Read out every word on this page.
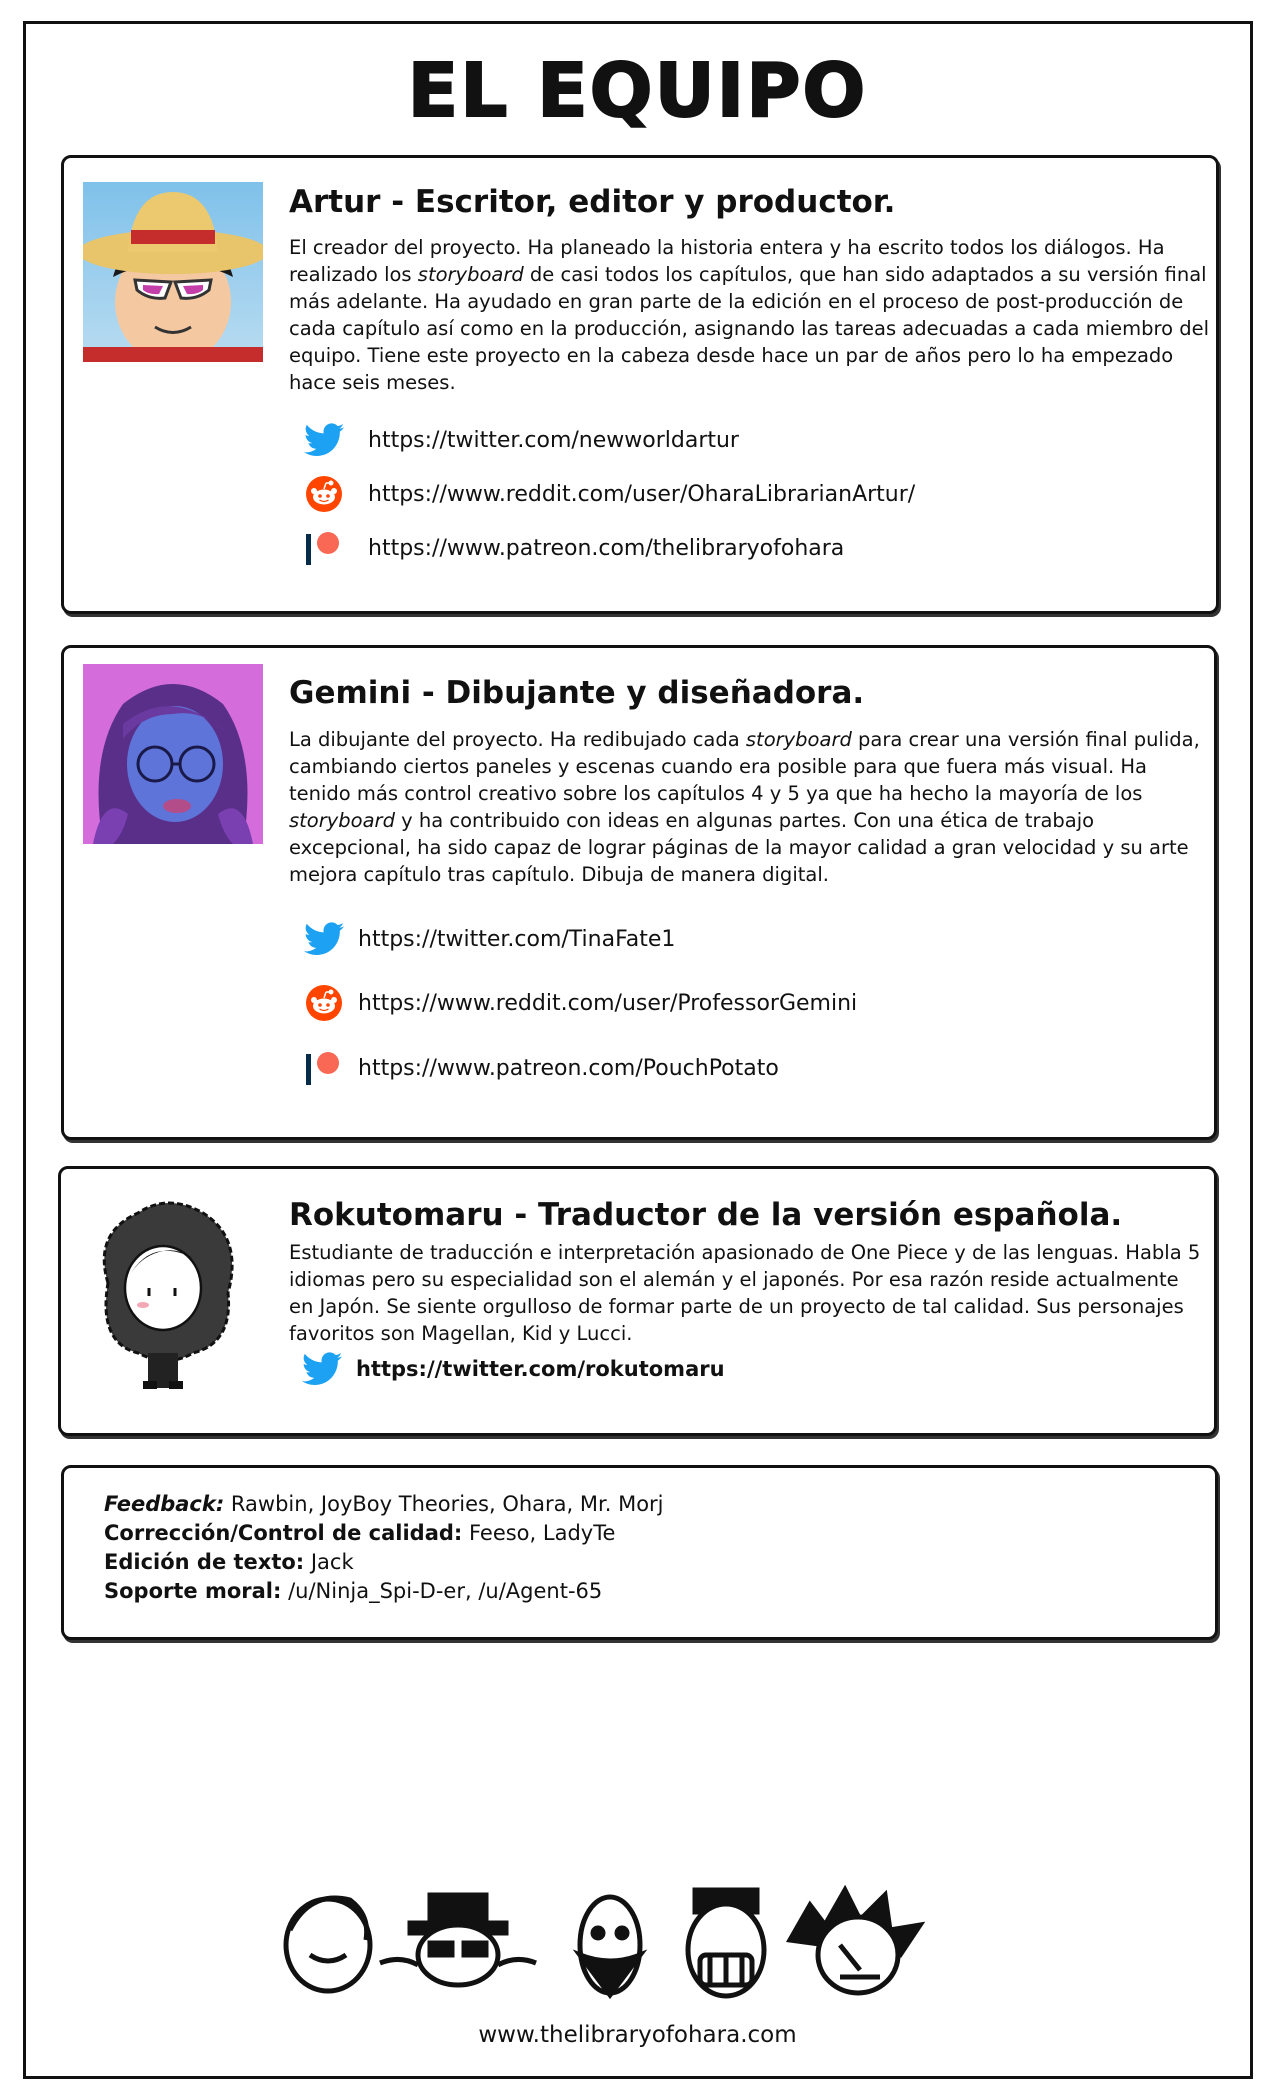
EL EQUIPO
Artur - Escritor, editor y productor.

El creador del proyecto. Ha planeado la historia entera y ha escrito todos los diálogos. Ha realizado los storyboard de casi todos los capítulos, que han sido adaptados a su versión final más adelante. Ha ayudado en gran parte de la edición en el proceso de post-producción de cada capítulo así como en la producción, asignando las tareas adecuadas a cada miembro del equipo. Tiene este proyecto en la cabeza desde hace un par de años pero lo ha empezado hace seis meses.

https://twitter.com/newworldartur
https://www.reddit.com/user/OharaLibrarianArtur/
https://www.patreon.com/thelibraryofohara
Gemini - Dibujante y diseñadora.

La dibujante del proyecto. Ha redibujado cada storyboard para crear una versión final pulida, cambiando ciertos paneles y escenas cuando era posible para que fuera más visual. Ha tenido más control creativo sobre los capítulos 4 y 5 ya que ha hecho la mayoría de los storyboard y ha contribuido con ideas en algunas partes. Con una ética de trabajo excepcional, ha sido capaz de lograr páginas de la mayor calidad a gran velocidad y su arte mejora capítulo tras capítulo. Dibuja de manera digital.

https://twitter.com/TinaFate1
https://www.reddit.com/user/ProfessorGemini
https://www.patreon.com/PouchPotato
Rokutomaru - Traductor de la versión española.

Estudiante de traducción e interpretación apasionado de One Piece y de las lenguas. Habla 5 idiomas pero su especialidad son el alemán y el japonés. Por esa razón reside actualmente en Japón. Se siente orgulloso de formar parte de un proyecto de tal calidad. Sus personajes favoritos son Magellan, Kid y Lucci.

https://twitter.com/rokutomaru
Feedback: Rawbin, JoyBoy Theories, Ohara, Mr. Morj
Corrección/Control de calidad: Feeso, LadyTe
Edición de texto: Jack
Soporte moral: /u/Ninja_Spi-D-er, /u/Agent-65
www.thelibraryofohara.com
